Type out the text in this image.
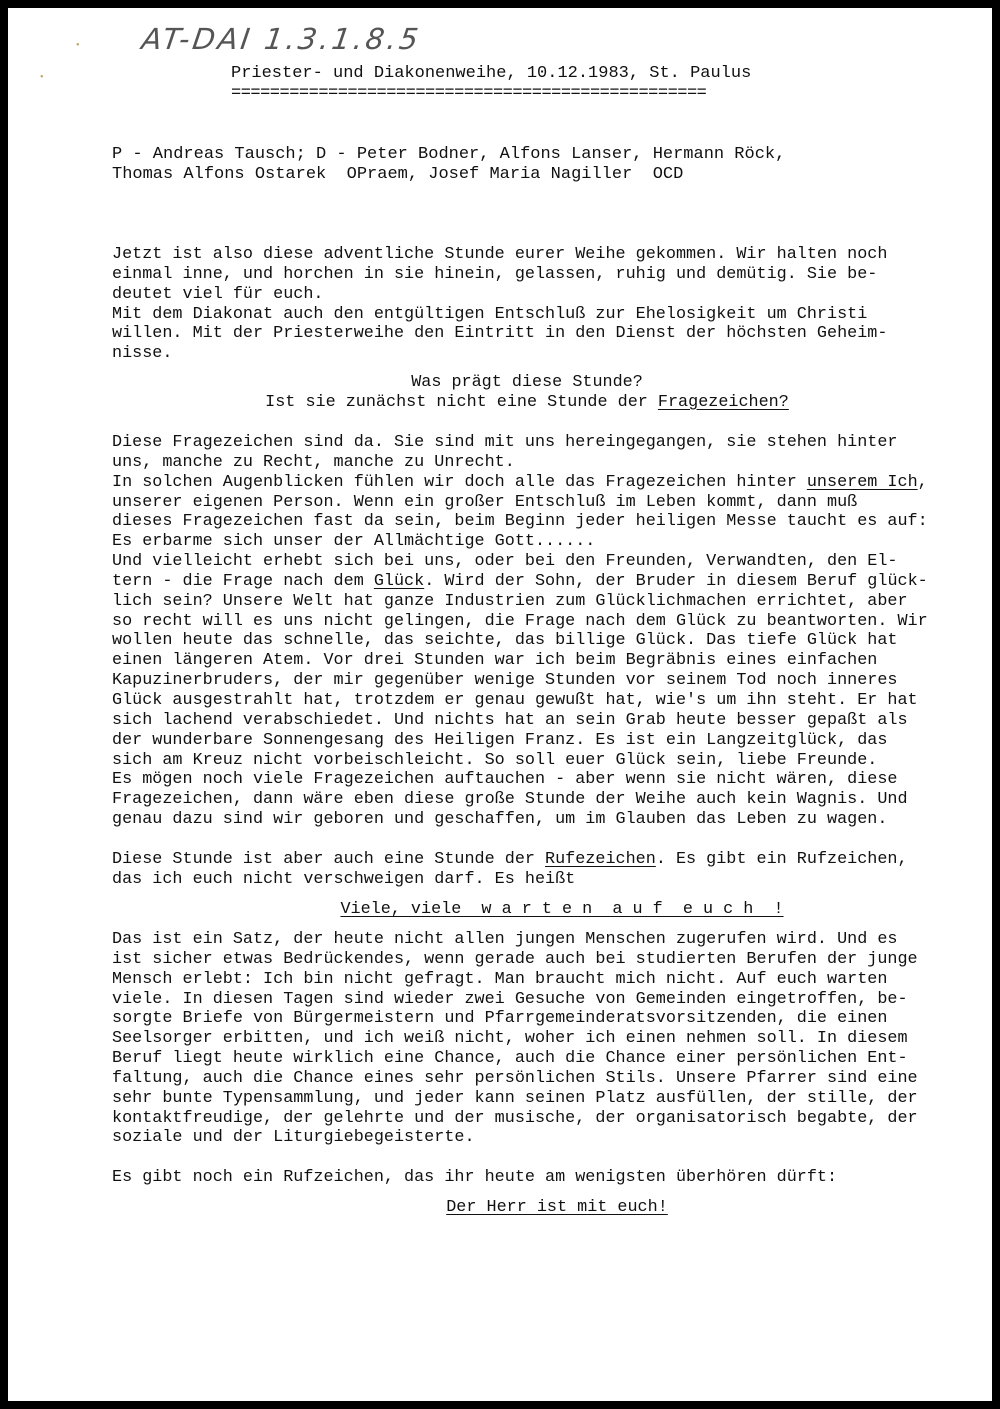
AT-DAI 1.3.1.8.5
•
•	Priester- und Diakonenweihe, 10.12.1983, St. Paulus
=================================================
P - Andreas Tausch; D - Peter Bodner, Alfons Lanser, Hermann Röck,
Thomas Alfons Ostarek  OPraem, Josef Maria Nagiller  OCD
Jetzt ist also diese adventliche Stunde eurer Weihe gekommen. Wir halten noch
einmal inne, und horchen in sie hinein, gelassen, ruhig und demütig. Sie be-
deutet viel für euch.
Mit dem Diakonat auch den entgültigen Entschluß zur Ehelosigkeit um Christi
willen. Mit der Priesterweihe den Eintritt in den Dienst der höchsten Geheim-
nisse.
Was prägt diese Stunde?
Ist sie zunächst nicht eine Stunde der Fragezeichen?
Diese Fragezeichen sind da. Sie sind mit uns hereingegangen, sie stehen hinter
uns, manche zu Recht, manche zu Unrecht.
In solchen Augenblicken fühlen wir doch alle das Fragezeichen hinter unserem Ich,
unserer eigenen Person. Wenn ein großer Entschluß im Leben kommt, dann muß
dieses Fragezeichen fast da sein, beim Beginn jeder heiligen Messe taucht es auf:
Es erbarme sich unser der Allmächtige Gott......
Und vielleicht erhebt sich bei uns, oder bei den Freunden, Verwandten, den El-
tern - die Frage nach dem Glück. Wird der Sohn, der Bruder in diesem Beruf glück-
lich sein? Unsere Welt hat ganze Industrien zum Glücklichmachen errichtet, aber
so recht will es uns nicht gelingen, die Frage nach dem Glück zu beantworten. Wir
wollen heute das schnelle, das seichte, das billige Glück. Das tiefe Glück hat
einen längeren Atem. Vor drei Stunden war ich beim Begräbnis eines einfachen
Kapuzinerbruders, der mir gegenüber wenige Stunden vor seinem Tod noch inneres
Glück ausgestrahlt hat, trotzdem er genau gewußt hat, wie's um ihn steht. Er hat
sich lachend verabschiedet. Und nichts hat an sein Grab heute besser gepaßt als
der wunderbare Sonnengesang des Heiligen Franz. Es ist ein Langzeitglück, das
sich am Kreuz nicht vorbeischleicht. So soll euer Glück sein, liebe Freunde.
Es mögen noch viele Fragezeichen auftauchen - aber wenn sie nicht wären, diese
Fragezeichen, dann wäre eben diese große Stunde der Weihe auch kein Wagnis. Und
genau dazu sind wir geboren und geschaffen, um im Glauben das Leben zu wagen.
Diese Stunde ist aber auch eine Stunde der Rufezeichen. Es gibt ein Rufzeichen,
das ich euch nicht verschweigen darf. Es heißt
Viele, viele  w a r t e n  a u f  e u c h  !
Das ist ein Satz, der heute nicht allen jungen Menschen zugerufen wird. Und es
ist sicher etwas Bedrückendes, wenn gerade auch bei studierten Berufen der junge
Mensch erlebt: Ich bin nicht gefragt. Man braucht mich nicht. Auf euch warten
viele. In diesen Tagen sind wieder zwei Gesuche von Gemeinden eingetroffen, be-
sorgte Briefe von Bürgermeistern und Pfarrgemeinderatsvorsitzenden, die einen
Seelsorger erbitten, und ich weiß nicht, woher ich einen nehmen soll. In diesem
Beruf liegt heute wirklich eine Chance, auch die Chance einer persönlichen Ent-
faltung, auch die Chance eines sehr persönlichen Stils. Unsere Pfarrer sind eine
sehr bunte Typensammlung, und jeder kann seinen Platz ausfüllen, der stille, der
kontaktfreudige, der gelehrte und der musische, der organisatorisch begabte, der
soziale und der Liturgiebegeisterte.
Es gibt noch ein Rufzeichen, das ihr heute am wenigsten überhören dürft:
Der Herr ist mit euch!
